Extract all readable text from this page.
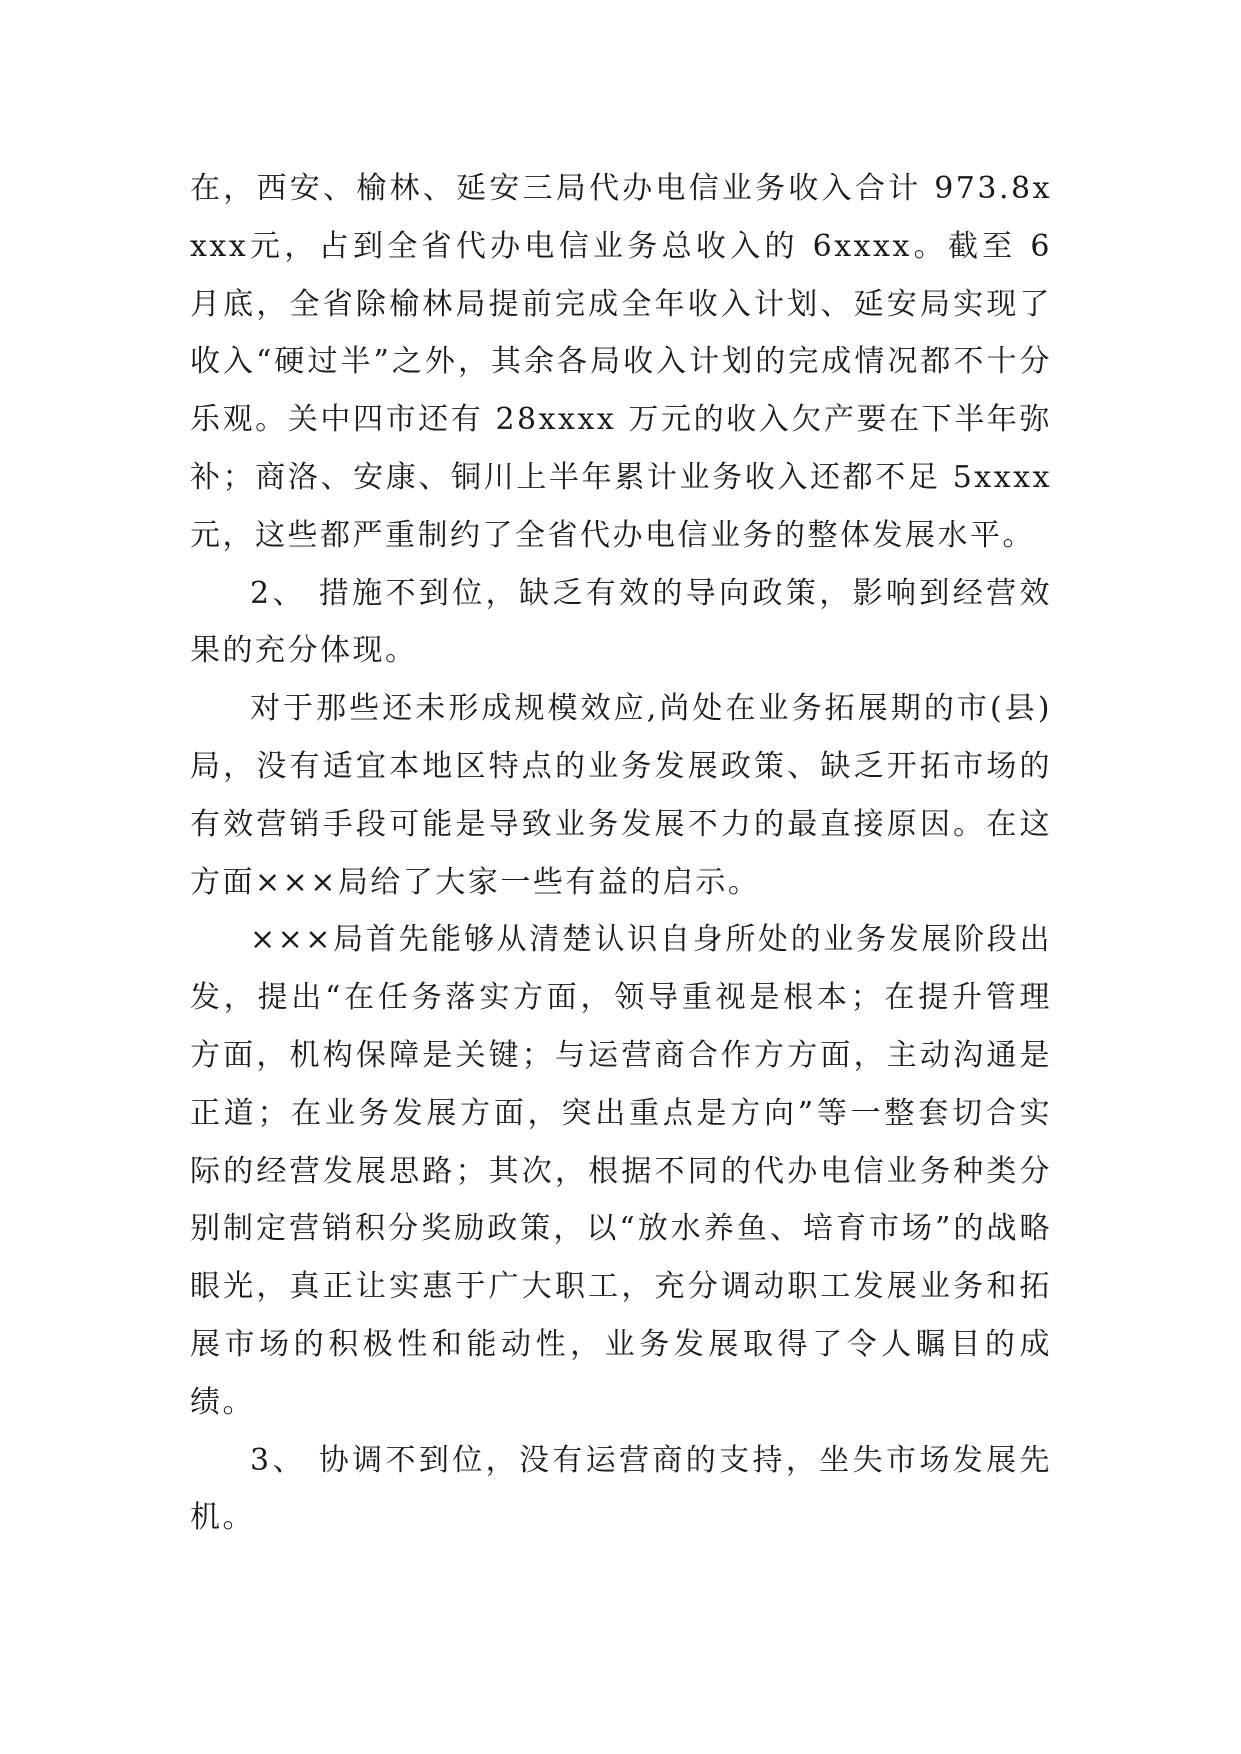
在，西安、榆林、延安三局代办电信业务收入合计 973.8xxxx元，占到全省代办电信业务总收入的 6xxxx。截至 6 月底，全省除榆林局提前完成全年收入计划、延安局实现了收入“硬过半”之外，其余各局收入计划的完成情况都不十分乐观。关中四市还有 28xxxx 万元的收入欠产要在下半年弥补；商洛、安康、铜川上半年累计业务收入还都不足 5xxxx 元，这些都严重制约了全省代办电信业务的整体发展水平。

2、 措施不到位，缺乏有效的导向政策，影响到经营效果的充分体现。

对于那些还未形成规模效应,尚处在业务拓展期的市(县)局，没有适宜本地区特点的业务发展政策、缺乏开拓市场的有效营销手段可能是导致业务发展不力的最直接原因。在这方面×××局给了大家一些有益的启示。

×××局首先能够从清楚认识自身所处的业务发展阶段出发，提出“在任务落实方面，领导重视是根本；在提升管理方面，机构保障是关键；与运营商合作方方面，主动沟通是正道；在业务发展方面，突出重点是方向”等一整套切合实际的经营发展思路；其次，根据不同的代办电信业务种类分别制定营销积分奖励政策，以“放水养鱼、培育市场”的战略眼光，真正让实惠于广大职工，充分调动职工发展业务和拓展市场的积极性和能动性，业务发展取得了令人瞩目的成绩。

3、 协调不到位，没有运营商的支持，坐失市场发展先机。
